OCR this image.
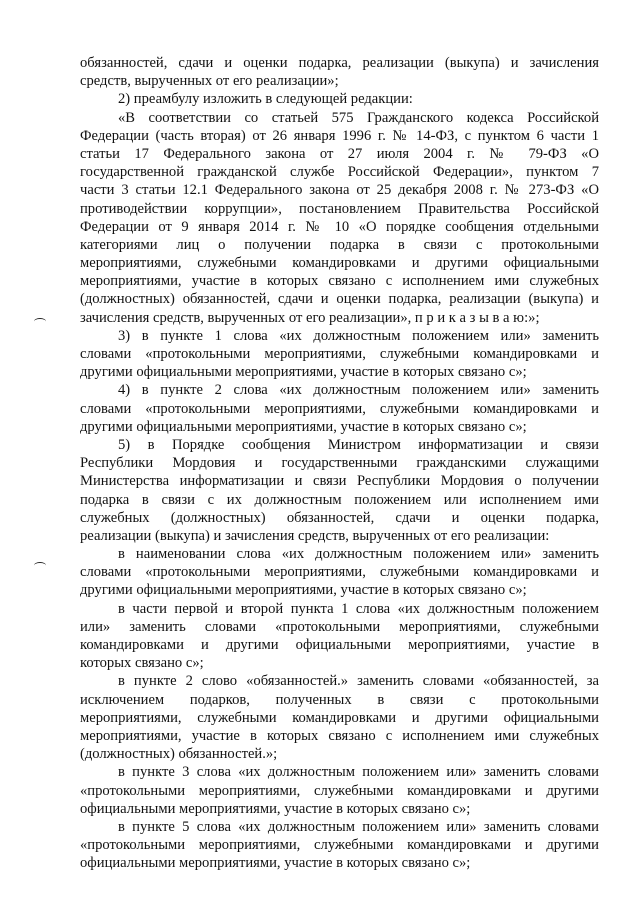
обязанностей, сдачи и оценки подарка, реализации (выкупа) и зачисления
средств, вырученных от его реализации»;
2) преамбулу изложить в следующей редакции:
«В соответствии со статьей 575 Гражданского кодекса Российской
Федерации (часть вторая) от 26 января 1996 г. № 14-ФЗ, с пунктом 6 части 1
статьи 17 Федерального закона от 27 июля 2004 г. № 79-ФЗ «О
государственной гражданской службе Российской Федерации», пунктом 7
части 3 статьи 12.1 Федерального закона от 25 декабря 2008 г. № 273-ФЗ «О
противодействии коррупции», постановлением Правительства Российской
Федерации от 9 января 2014 г. № 10 «О порядке сообщения отдельными
категориями лиц о получении подарка в связи с протокольными
мероприятиями, служебными командировками и другими официальными
мероприятиями, участие в которых связано с исполнением ими служебных
(должностных) обязанностей, сдачи и оценки подарка, реализации (выкупа) и
зачисления средств, вырученных от его реализации», п р и к а з ы в а ю:»;
3) в пункте 1 слова «их должностным положением или» заменить
словами «протокольными мероприятиями, служебными командировками и
другими официальными мероприятиями, участие в которых связано с»;
4) в пункте 2 слова «их должностным положением или» заменить
словами «протокольными мероприятиями, служебными командировками и
другими официальными мероприятиями, участие в которых связано с»;
5) в Порядке сообщения Министром информатизации и связи
Республики Мордовия и государственными гражданскими служащими
Министерства информатизации и связи Республики Мордовия о получении
подарка в связи с их должностным положением или исполнением ими
служебных (должностных) обязанностей, сдачи и оценки подарка,
реализации (выкупа) и зачисления средств, вырученных от его реализации:
в наименовании слова «их должностным положением или» заменить
словами «протокольными мероприятиями, служебными командировками и
другими официальными мероприятиями, участие в которых связано с»;
в части первой и второй пункта 1 слова «их должностным положением
или» заменить словами «протокольными мероприятиями, служебными
командировками и другими официальными мероприятиями, участие в
которых связано с»;
в пункте 2 слово «обязанностей.» заменить словами «обязанностей, за
исключением подарков, полученных в связи с протокольными
мероприятиями, служебными командировками и другими официальными
мероприятиями, участие в которых связано с исполнением ими служебных
(должностных) обязанностей.»;
в пункте 3 слова «их должностным положением или» заменить словами
«протокольными мероприятиями, служебными командировками и другими
официальными мероприятиями, участие в которых связано с»;
в пункте 5 слова «их должностным положением или» заменить словами
«протокольными мероприятиями, служебными командировками и другими
официальными мероприятиями, участие в которых связано с»;
